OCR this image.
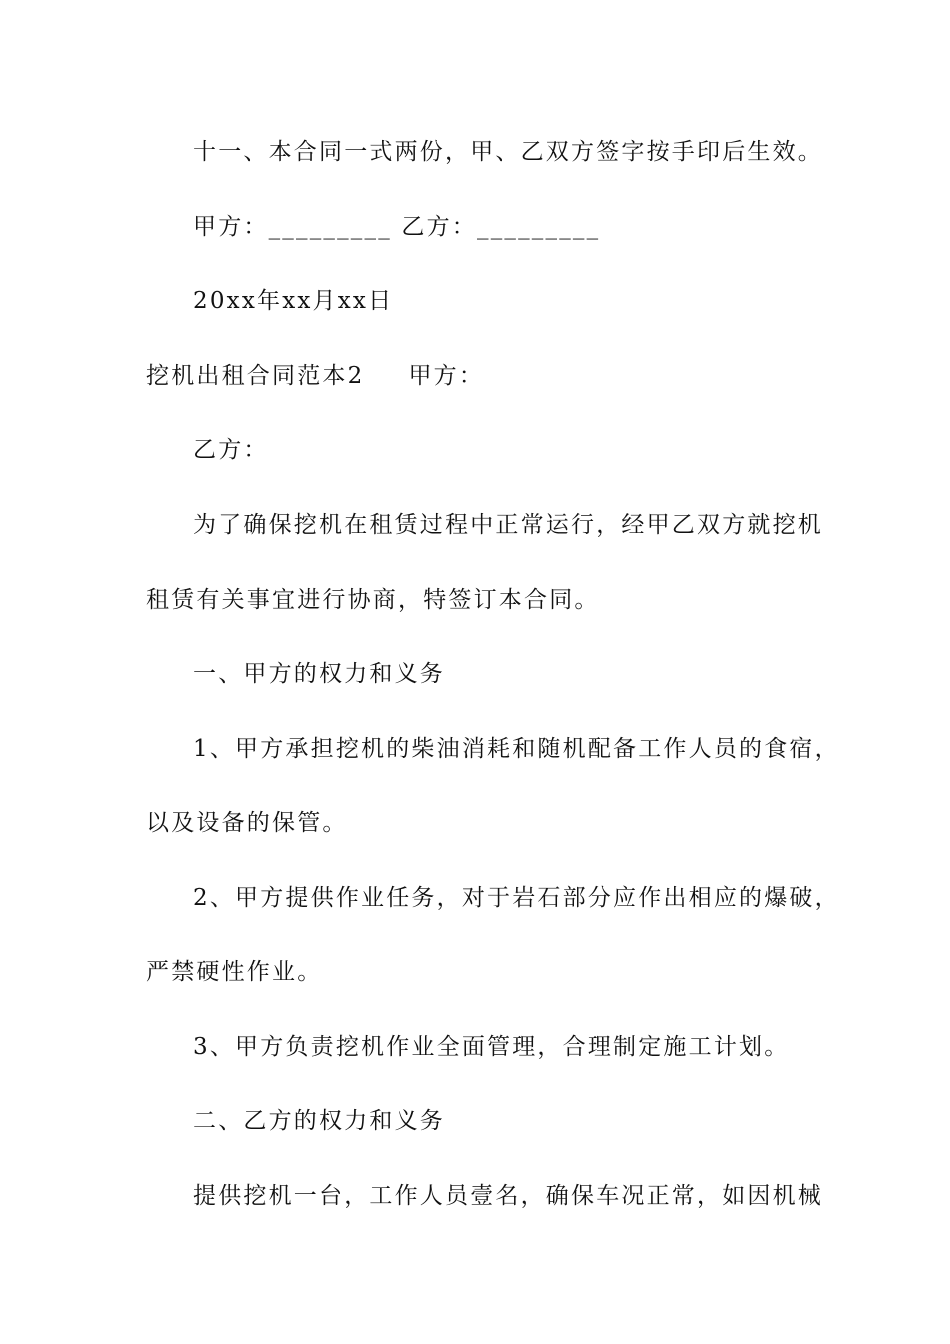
十一、本合同一式两份，甲、乙双方签字按手印后生效。
甲方：_________ 乙方：_________
20xx年xx月xx日
挖机出租合同范本2 甲方：
乙方：
为了确保挖机在租赁过程中正常运行，经甲乙双方就挖机
租赁有关事宜进行协商，特签订本合同。
一、甲方的权力和义务
1、甲方承担挖机的柴油消耗和随机配备工作人员的食宿，
以及设备的保管。
2、甲方提供作业任务，对于岩石部分应作出相应的爆破，
严禁硬性作业。
3、甲方负责挖机作业全面管理，合理制定施工计划。
二、乙方的权力和义务
提供挖机一台，工作人员壹名，确保车况正常，如因机械
